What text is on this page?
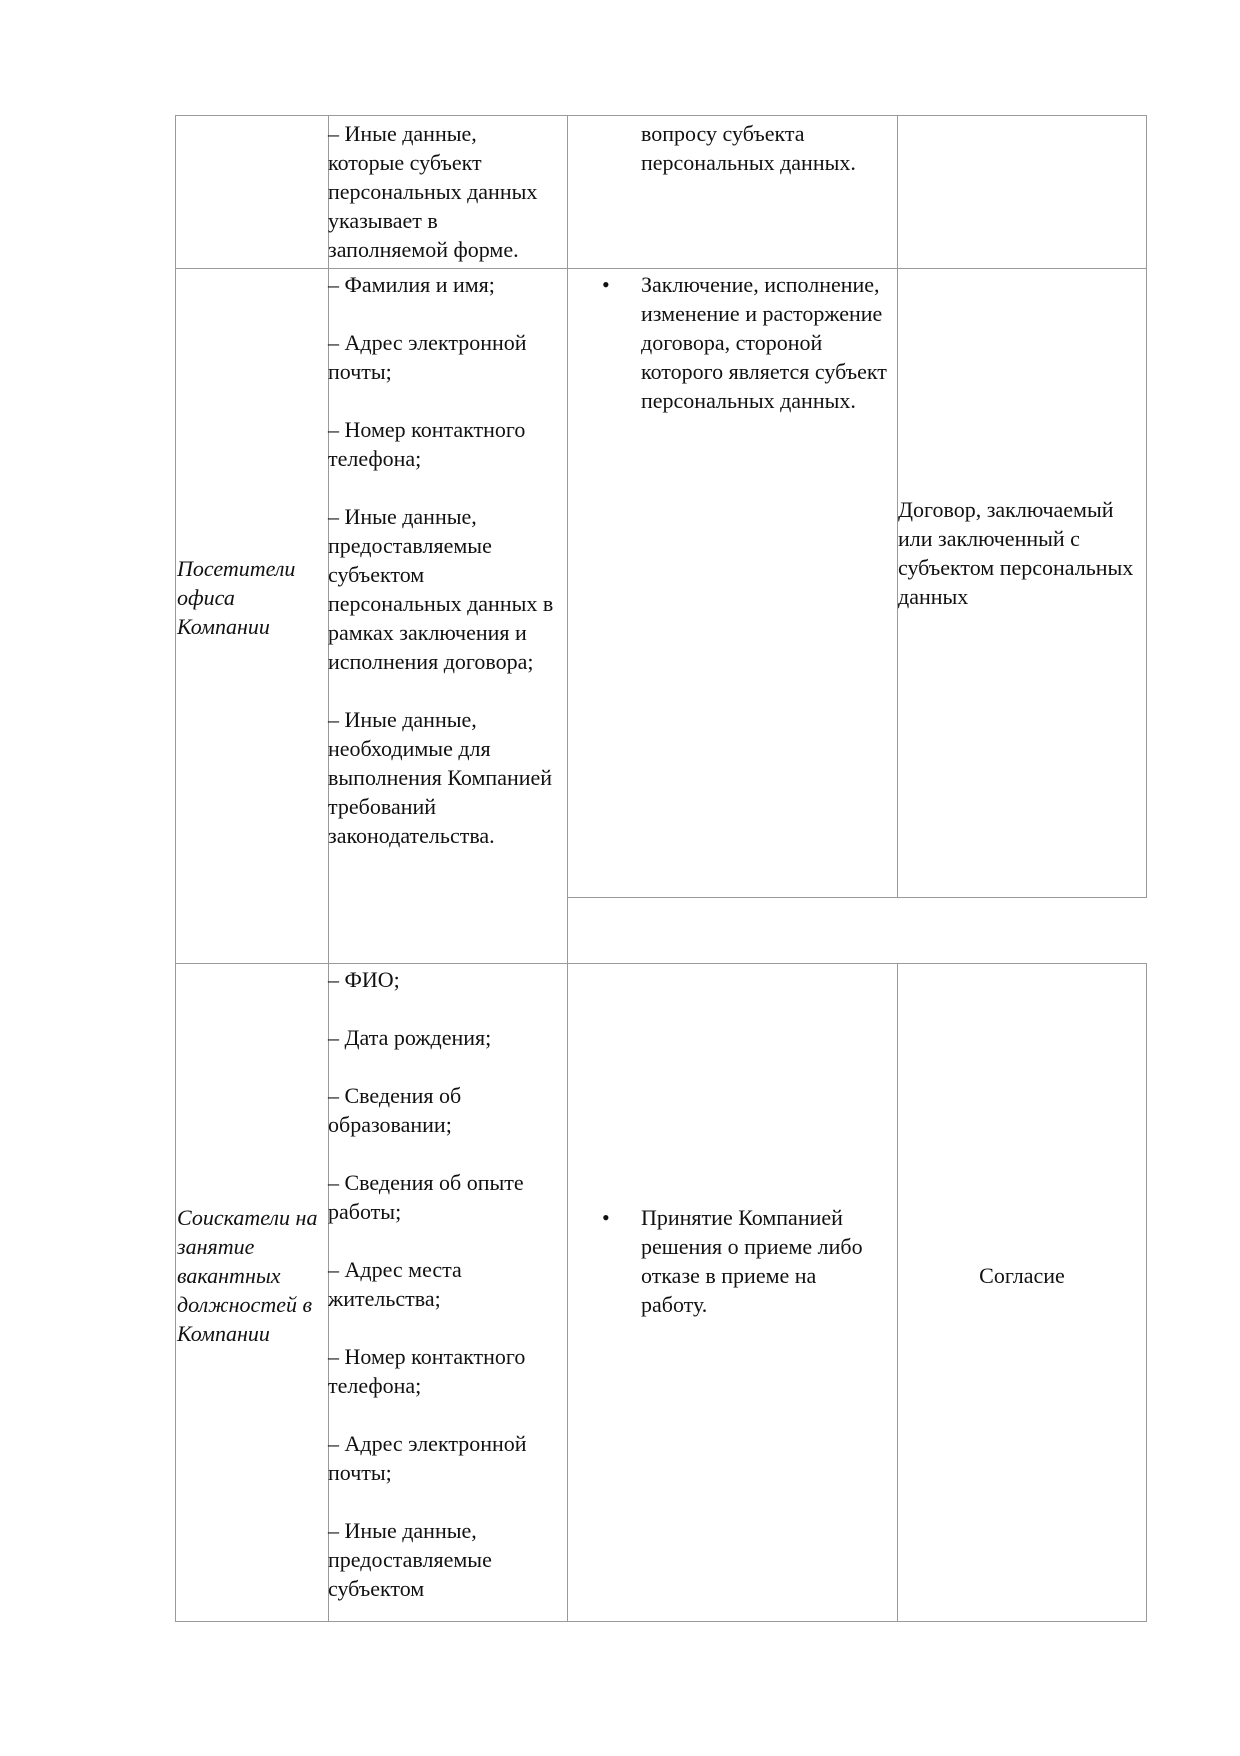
– Иные данные, которые субъект персональных данных указывает в заполняемой форме.

вопросу субъекта

персональных данных.

Посетители офиса Компании

– Фамилия и имя;

– Адрес электронной почты;

– Номер контактного телефона;

– Иные данные, предоставляемые субъектом персональных данных в рамках заключения и исполнения договора;

– Иные данные, необходимые для выполнения Компанией требований законодательства.

• Заключение, исполнение, изменение и расторжение договора, стороной которого является субъект персональных данных.
Договор, заключаемый или заключенный с субъектом персональных данных
Соискатели на занятие вакантных должностей в Компании

– ФИО;

– Дата рождения;

– Сведения об образовании;

– Сведения об опыте работы;

– Адрес места жительства;

– Номер контактного телефона;

– Адрес электронной почты;

– Иные данные, предоставляемые субъектом

• Принятие Компанией решения о приеме либо отказе в приеме на работу.
Согласие
